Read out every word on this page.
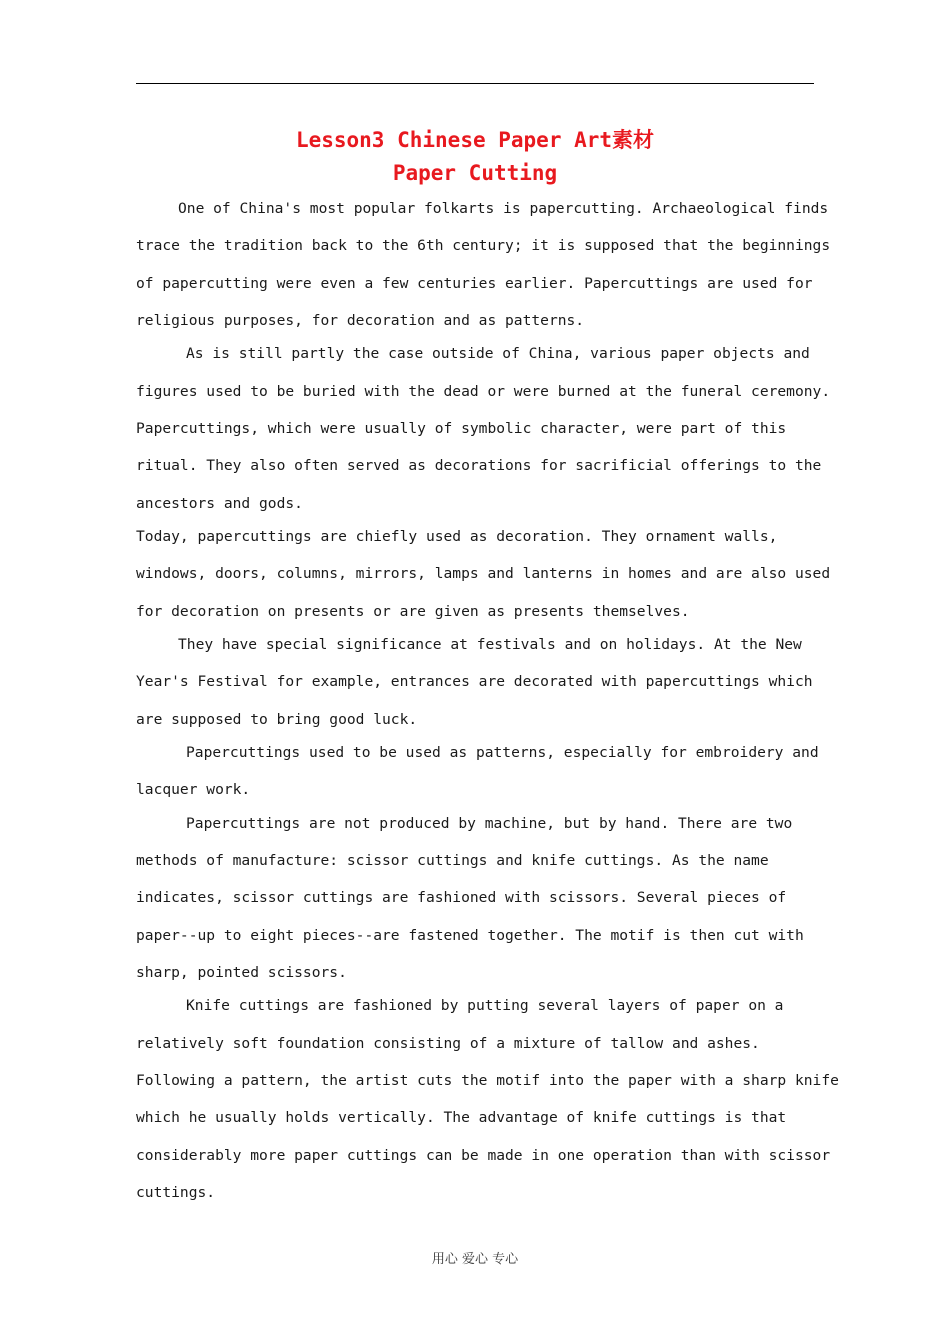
Lesson3 Chinese Paper Art素材
Paper Cutting
One of China's most popular folkarts is papercutting. Archaeological finds
trace the tradition back to the 6th century; it is supposed that the beginnings
of papercutting were even a few centuries earlier. Papercuttings are used for
religious purposes, for decoration and as patterns.
As is still partly the case outside of China, various paper objects and
figures used to be buried with the dead or were burned at the funeral ceremony.
Papercuttings, which were usually of symbolic character, were part of this
ritual. They also often served as decorations for sacrificial offerings to the
ancestors and gods.
Today, papercuttings are chiefly used as decoration. They ornament walls,
windows, doors, columns, mirrors, lamps and lanterns in homes and are also used
for decoration on presents or are given as presents themselves.
They have special significance at festivals and on holidays. At the New
Year's Festival for example, entrances are decorated with papercuttings which
are supposed to bring good luck.
Papercuttings used to be used as patterns, especially for embroidery and
lacquer work.
Papercuttings are not produced by machine, but by hand. There are two
methods of manufacture: scissor cuttings and knife cuttings. As the name
indicates, scissor cuttings are fashioned with scissors. Several pieces of
paper--up to eight pieces--are fastened together. The motif is then cut with
sharp, pointed scissors.
Knife cuttings are fashioned by putting several layers of paper on a
relatively soft foundation consisting of a mixture of tallow and ashes.
Following a pattern, the artist cuts the motif into the paper with a sharp knife
which he usually holds vertically. The advantage of knife cuttings is that
considerably more paper cuttings can be made in one operation than with scissor
cuttings.
用心 爱心 专心
